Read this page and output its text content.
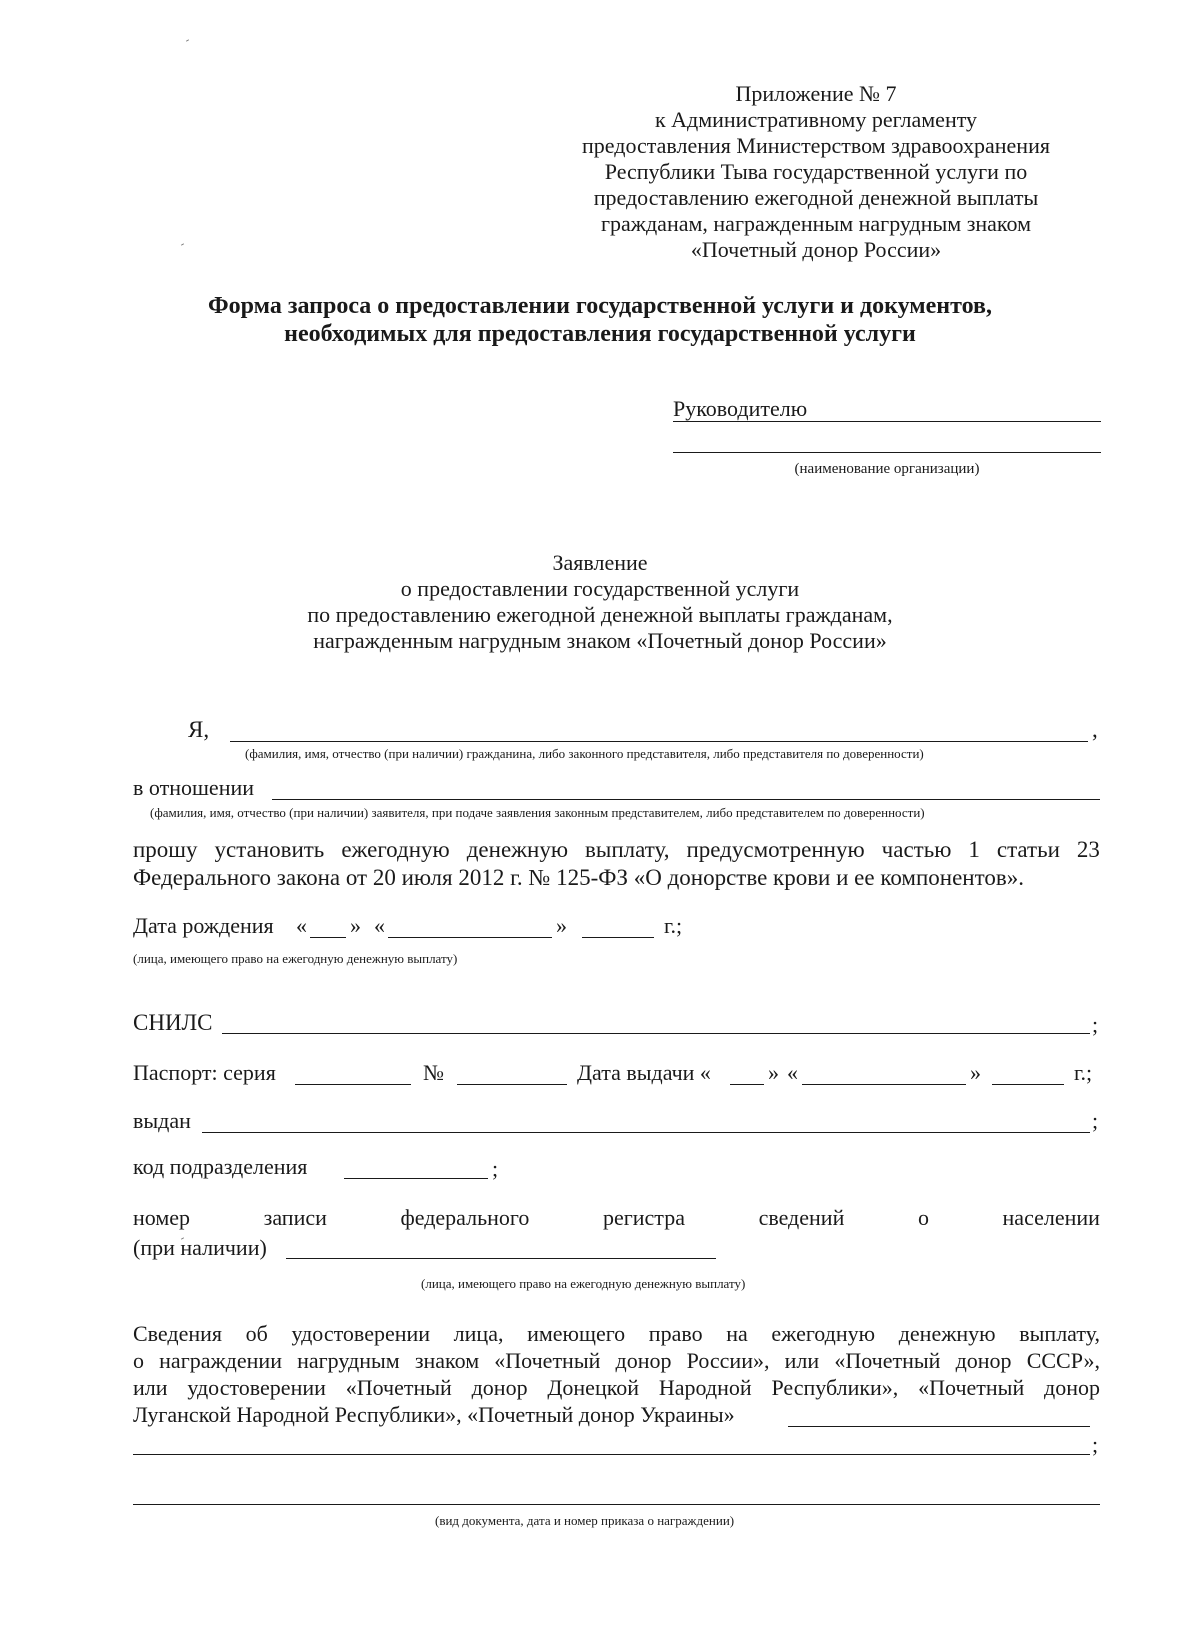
Приложение № 7
к Административному регламенту
предоставления Министерством здравоохранения
Республики Тыва государственной услуги по
предоставлению ежегодной денежной выплаты
гражданам, награжденным нагрудным знаком
«Почетный донор России»
Форма запроса о предоставлении государственной услуги и документов,
необходимых для предоставления государственной услуги
Руководителю
(наименование организации)
Заявление
о предоставлении государственной услуги
по предоставлению ежегодной денежной выплаты гражданам,
награжденным нагрудным знаком «Почетный донор России»
Я,	,
(фамилия, имя, отчество (при наличии) гражданина, либо законного представителя, либо представителя по доверенности)
в отношении
(фамилия, имя, отчество (при наличии) заявителя, при подаче заявления законным представителем, либо представителем по доверенности)
прошу установить ежегодную денежную выплату, предусмотренную частью 1 статьи 23
Федерального закона от 20 июля 2012 г. № 125-ФЗ «О донорстве крови и ее компонентов».
Дата рождения « » «	»	г.;
(лица, имеющего право на ежегодную денежную выплату)
СНИЛС	;
Паспорт: серия	№	Дата выдачи «	» «	»	г.;
выдан	;
код подразделения	;
номер	записи	федерального	регистра	сведений	о	населении
(при наличии)
(лица, имеющего право на ежегодную денежную выплату)
Сведения об удостоверении лица, имеющего право на ежегодную денежную выплату,
о награждении нагрудным знаком «Почетный донор России», или «Почетный донор СССР»,
или удостоверении «Почетный донор Донецкой Народной Республики», «Почетный донор
Луганской Народной Республики», «Почетный донор Украины»
;
(вид документа, дата и номер приказа о награждении)
